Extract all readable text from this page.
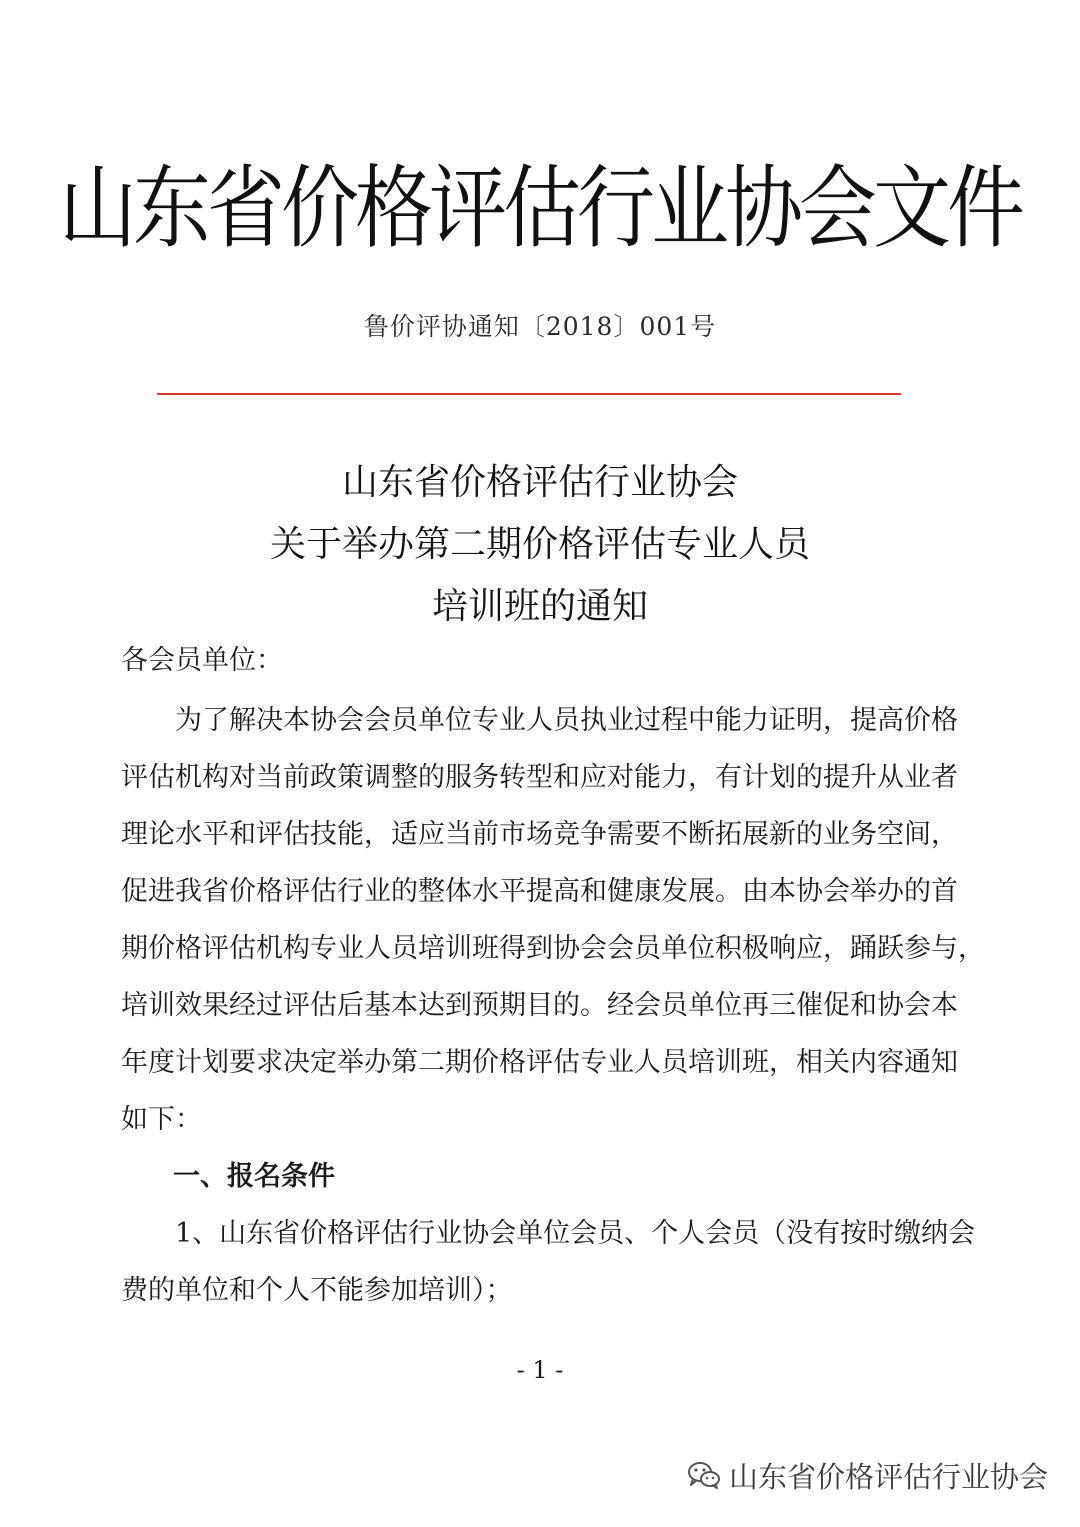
山东省价格评估行业协会文件
鲁价评协通知〔2018〕001号
山东省价格评估行业协会
关于举办第二期价格评估专业人员
培训班的通知
各会员单位：
为了解决本协会会员单位专业人员执业过程中能力证明，提高价格
评估机构对当前政策调整的服务转型和应对能力，有计划的提升从业者
理论水平和评估技能，适应当前市场竞争需要不断拓展新的业务空间，
促进我省价格评估行业的整体水平提高和健康发展。由本协会举办的首
期价格评估机构专业人员培训班得到协会会员单位积极响应，踊跃参与，
培训效果经过评估后基本达到预期目的。经会员单位再三催促和协会本
年度计划要求决定举办第二期价格评估专业人员培训班，相关内容通知
如下：
一、报名条件
1、山东省价格评估行业协会单位会员、个人会员（没有按时缴纳会
费的单位和个人不能参加培训）；
- 1 -
山东省价格评估行业协会
